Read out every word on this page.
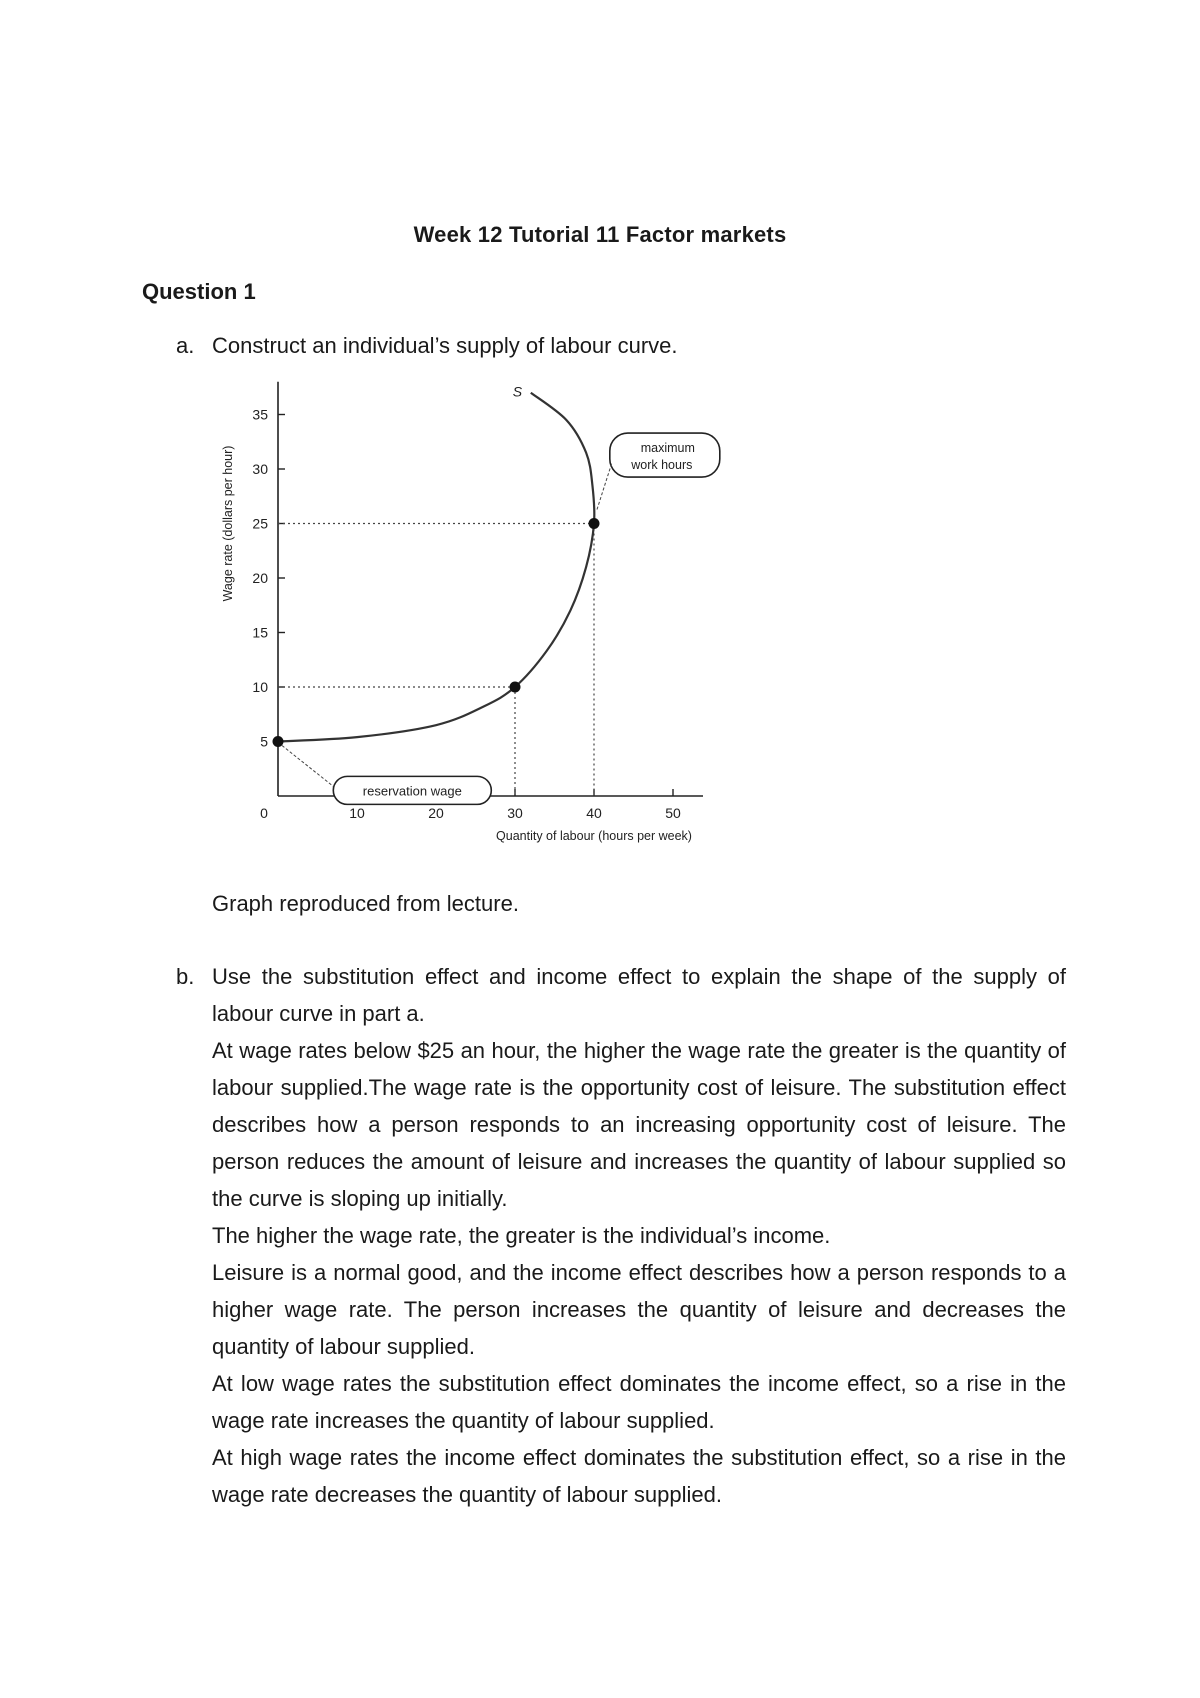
Week 12 Tutorial 11 Factor markets
Question 1
a. Construct an individual’s supply of labour curve.
5
10
15
20
25
30
35
0	10	20	30	40	50
Quantity of labour (hours per week)
Wage rate (dollars per hour)
S
reservation wage
maximum
work hours
Graph reproduced from lecture.
b. Use the substitution effect and income effect to explain the shape of the supply of labour curve in part a.

At wage rates below $25 an hour, the higher the wage rate the greater is the quantity of labour supplied.The wage rate is the opportunity cost of leisure. The substitution effect describes how a person responds to an increasing opportunity cost of leisure. The person reduces the amount of leisure and increases the quantity of labour supplied so the curve is sloping up initially.

The higher the wage rate, the greater is the individual’s income.

Leisure is a normal good, and the income effect describes how a person responds to a higher wage rate. The person increases the quantity of leisure and decreases the quantity of labour supplied.

At low wage rates the substitution effect dominates the income effect, so a rise in the wage rate increases the quantity of labour supplied.

At high wage rates the income effect dominates the substitution effect, so a rise in the wage rate decreases the quantity of labour supplied.
